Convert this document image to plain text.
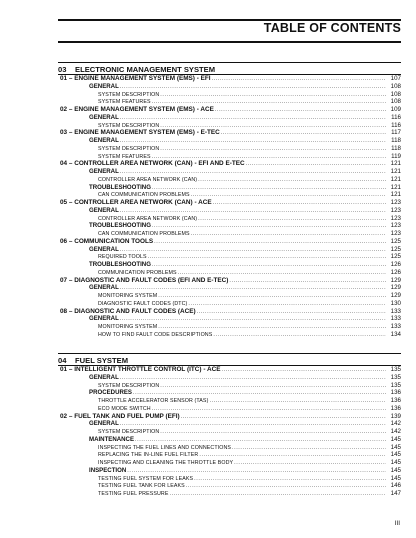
TABLE OF CONTENTS
03	ELECTRONIC MANAGEMENT SYSTEM
01 – ENGINE MANAGEMENT SYSTEM (EMS) - EFI .....	107
GENERAL .....	108
SYSTEM DESCRIPTION .....	108
SYSTEM FEATURES .....	108
02 – ENGINE MANAGEMENT SYSTEM (EMS) - ACE .....	109
GENERAL .....	116
SYSTEM DESCRIPTION .....	116
03 – ENGINE MANAGEMENT SYSTEM (EMS) - E-TEC .....	117
GENERAL .....	118
SYSTEM DESCRIPTION .....	118
SYSTEM FEATURES .....	119
04 – CONTROLLER AREA NETWORK (CAN) - EFI AND E-TEC .....	121
GENERAL .....	121
CONTROLLER AREA NETWORK (CAN) .....	121
TROUBLESHOOTING .....	121
CAN COMMUNICATION PROBLEMS .....	121
05 – CONTROLLER AREA NETWORK (CAN) - ACE .....	123
GENERAL .....	123
CONTROLLER AREA NETWORK (CAN) .....	123
TROUBLESHOOTING .....	123
CAN COMMUNICATION PROBLEMS .....	123
06 – COMMUNICATION TOOLS .....	125
GENERAL .....	125
REQUIRED TOOLS .....	125
TROUBLESHOOTING .....	126
COMMUNICATION PROBLEMS .....	126
07 – DIAGNOSTIC AND FAULT CODES (EFI AND E-TEC) .....	129
GENERAL .....	129
MONITORING SYSTEM .....	129
DIAGNOSTIC FAULT CODES (DTC) .....	130
08 – DIAGNOSTIC AND FAULT CODES (ACE) .....	133
GENERAL .....	133
MONITORING SYSTEM .....	133
HOW TO FIND FAULT CODE DESCRIPTIONS .....	134
04	FUEL SYSTEM
01 – INTELLIGENT THROTTLE CONTROL (ITC) - ACE .....	135
GENERAL .....	135
SYSTEM DESCRIPTION .....	135
PROCEDURES .....	136
THROTTLE ACCELERATOR SENSOR (TAS) .....	136
ECO MODE SWITCH .....	136
02 – FUEL TANK AND FUEL PUMP (EFI) .....	139
GENERAL .....	142
SYSTEM DESCRIPTION .....	142
MAINTENANCE .....	145
INSPECTING THE FUEL LINES AND CONNECTIONS .....	145
REPLACING THE IN-LINE FUEL FILTER .....	145
INSPECTING AND CLEANING THE THROTTLE BODY .....	145
INSPECTION .....	145
TESTING FUEL SYSTEM FOR LEAKS .....	145
TESTING FUEL TANK FOR LEAKS .....	146
TESTING FUEL PRESSURE .....	147
III
